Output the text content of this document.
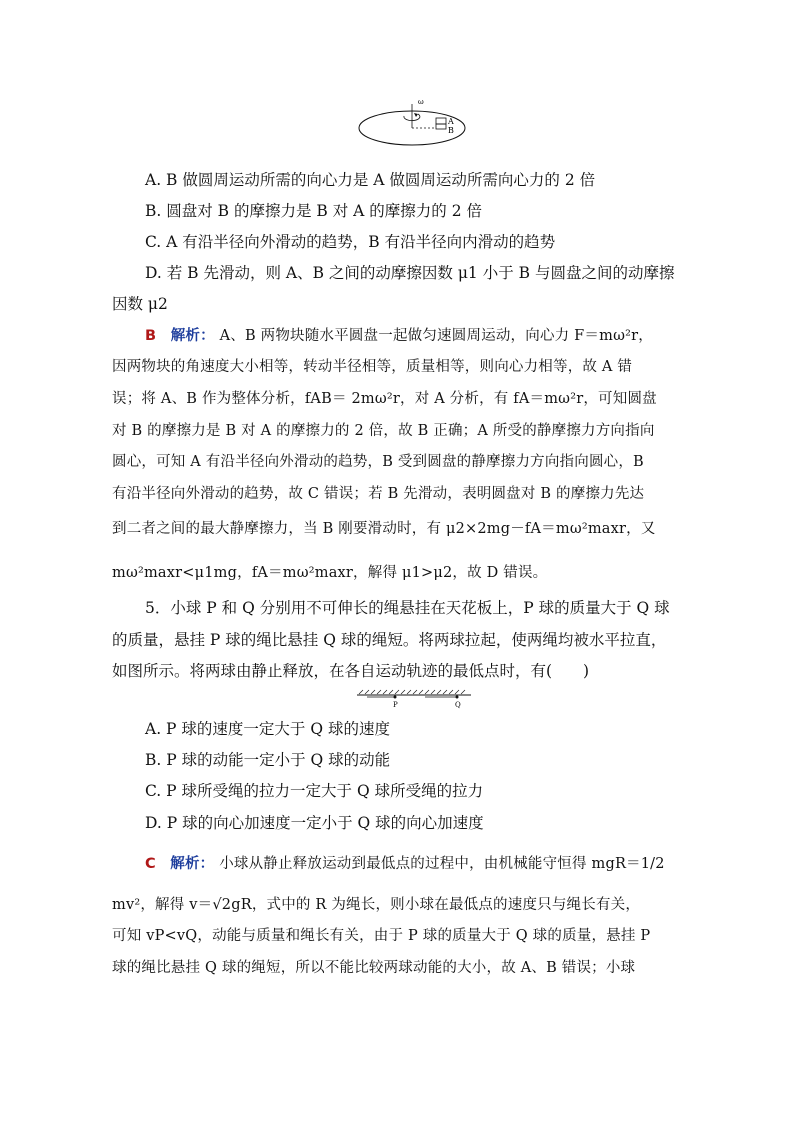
ω
A
B
A. B 做圆周运动所需的向心力是 A 做圆周运动所需向心力的 2 倍
B. 圆盘对 B 的摩擦力是 B 对 A 的摩擦力的 2 倍
C. A 有沿半径向外滑动的趋势，B 有沿半径向内滑动的趋势
D. 若 B 先滑动，则 A、B 之间的动摩擦因数 μ1 小于 B 与圆盘之间的动摩擦
因数 μ2
B 解析： A、B 两物块随水平圆盘一起做匀速圆周运动，向心力 F＝mω²r，
因两物块的角速度大小相等，转动半径相等，质量相等，则向心力相等，故 A 错
误；将 A、B 作为整体分析，fAB＝ 2mω²r，对 A 分析，有 fA＝mω²r，可知圆盘
对 B 的摩擦力是 B 对 A 的摩擦力的 2 倍，故 B 正确；A 所受的静摩擦力方向指向
圆心，可知 A 有沿半径向外滑动的趋势，B 受到圆盘的静摩擦力方向指向圆心，B
有沿半径向外滑动的趋势，故 C 错误；若 B 先滑动，表明圆盘对 B 的摩擦力先达
到二者之间的最大静摩擦力，当 B 刚要滑动时，有 μ2×2mg－fA＝mω²maxr，又
mω²maxr<μ1mg，fA＝mω²maxr，解得 μ1>μ2，故 D 错误。
5．小球 P 和 Q 分别用不可伸长的绳悬挂在天花板上，P 球的质量大于 Q 球
的质量，悬挂 P 球的绳比悬挂 Q 球的绳短。将两球拉起，使两绳均被水平拉直，
如图所示。将两球由静止释放，在各自运动轨迹的最低点时，有(　　)
P	Q
A. P 球的速度一定大于 Q 球的速度
B. P 球的动能一定小于 Q 球的动能
C. P 球所受绳的拉力一定大于 Q 球所受绳的拉力
D. P 球的向心加速度一定小于 Q 球的向心加速度
C 解析： 小球从静止释放运动到最低点的过程中，由机械能守恒得 mgR＝1/2
mv²，解得 v＝√2gR，式中的 R 为绳长，则小球在最低点的速度只与绳长有关，
可知 vP<vQ，动能与质量和绳长有关，由于 P 球的质量大于 Q 球的质量，悬挂 P
球的绳比悬挂 Q 球的绳短，所以不能比较两球动能的大小，故 A、B 错误；小球
